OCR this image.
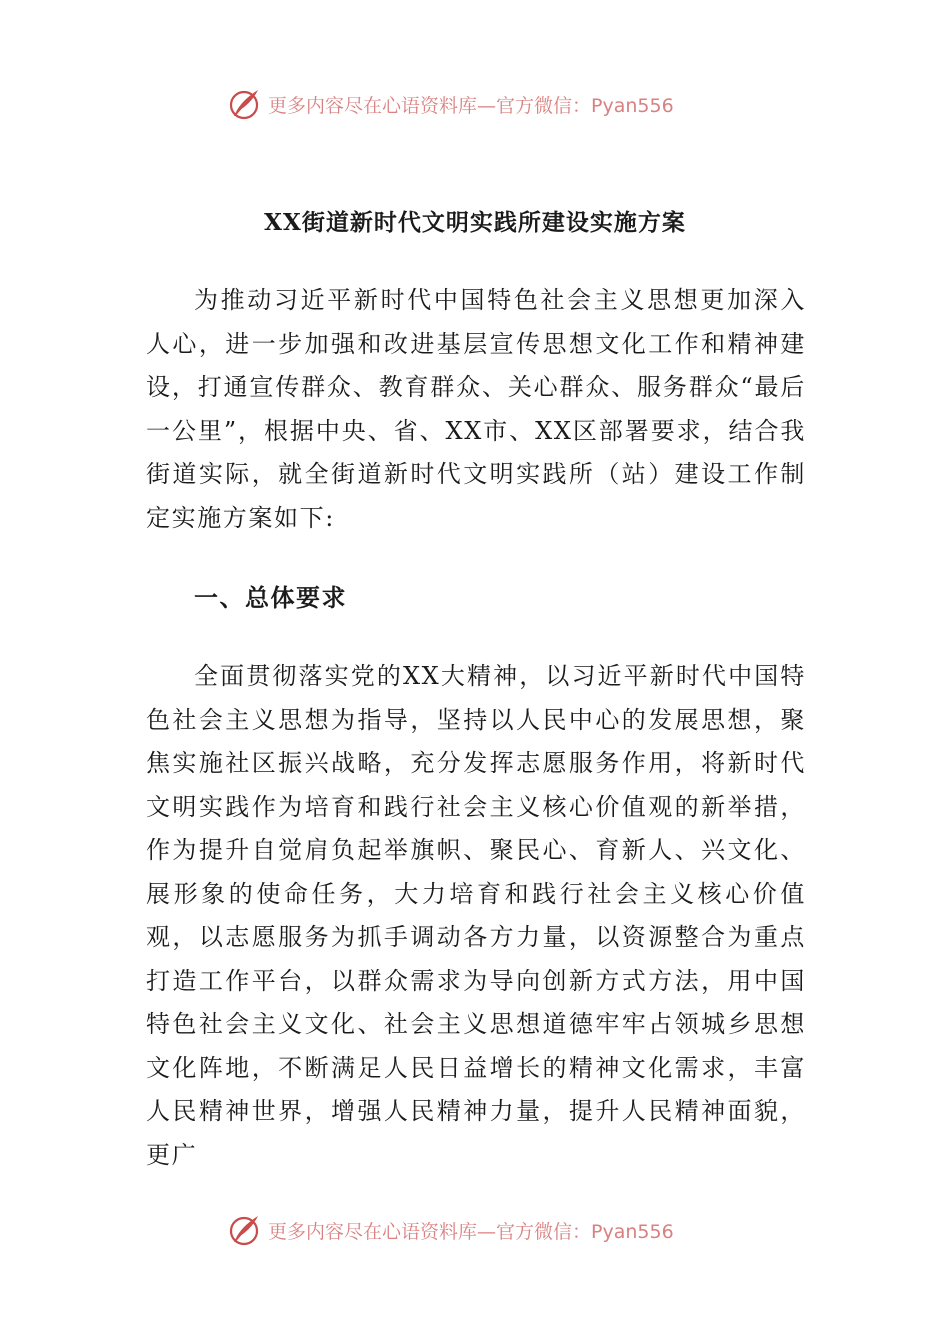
更多内容尽在心语资料库— 官方微信：Pyan556
XX街道新时代文明实践所建设实施方案

为推动习近平新时代中国特色社会主义思想更加深入人心，进一步加强和改进基层宣传思想文化工作和精神建设，打通宣传群众、教育群众、关心群众、服务群众“最后一公里”，根据中央、省、XX市、XX区部署要求，结合我街道实际，就全街道新时代文明实践所（站）建设工作制定实施方案如下:

一、总体要求

全面贯彻落实党的XX大精神，以习近平新时代中国特色社会主义思想为指导，坚持以人民中心的发展思想，聚焦实施社区振兴战略，充分发挥志愿服务作用，将新时代文明实践作为培育和践行社会主义核心价值观的新举措，作为提升自觉肩负起举旗帜、聚民心、育新人、兴文化、展形象的使命任务，大力培育和践行社会主义核心价值观，以志愿服务为抓手调动各方力量，以资源整合为重点打造工作平台，以群众需求为导向创新方式方法，用中国特色社会主义文化、社会主义思想道德牢牢占领城乡思想文化阵地，不断满足人民日益增长的精神文化需求，丰富人民精神世界，增强人民精神力量，提升人民精神面貌，更广

更多内容尽在心语资料库— 官方微信：Pyan556
